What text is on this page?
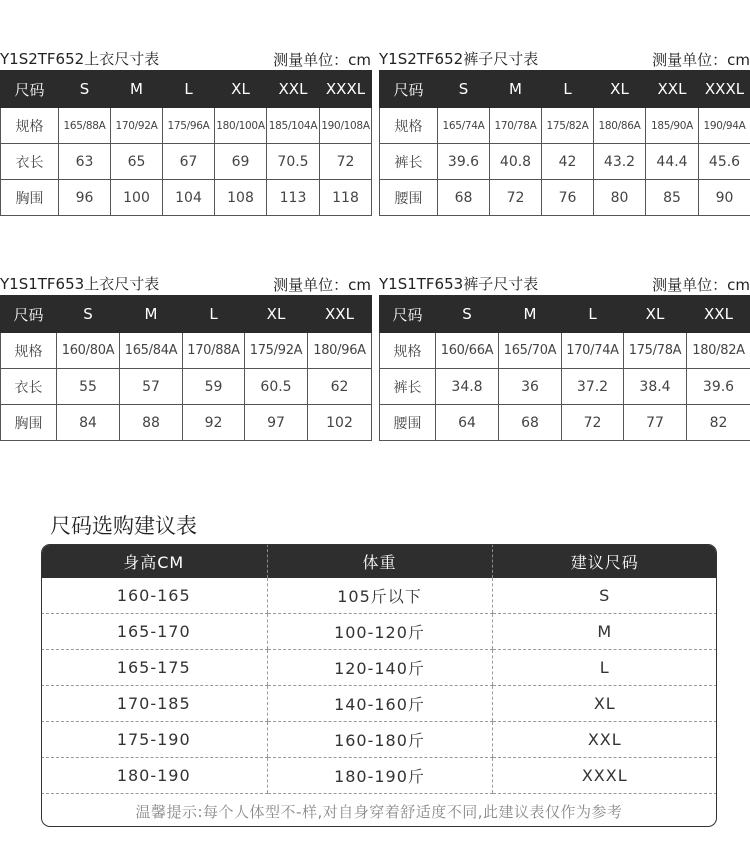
Y1S2TF652上衣尺寸表	测量单位：cm
尺码	S	M	L	XL	XXL	XXXL
规格	165/88A	170/92A	175/96A	180/100A	185/104A	190/108A
衣长	63	65	67	69	70.5	72
胸围	96	100	104	108	113	118
Y1S2TF652裤子尺寸表	测量单位：cm
尺码	S	M	L	XL	XXL	XXXL
规格	165/74A	170/78A	175/82A	180/86A	185/90A	190/94A
裤长	39.6	40.8	42	43.2	44.4	45.6
腰围	68	72	76	80	85	90
Y1S1TF653上衣尺寸表	测量单位：cm
尺码	S	M	L	XL	XXL
规格	160/80A	165/84A	170/88A	175/92A	180/96A
衣长	55	57	59	60.5	62
胸围	84	88	92	97	102
Y1S1TF653裤子尺寸表	测量单位：cm
尺码	S	M	L	XL	XXL
规格	160/66A	165/70A	170/74A	175/78A	180/82A
裤长	34.8	36	37.2	38.4	39.6
腰围	64	68	72	77	82
尺码选购建议表
身高CM	体重	建议尺码
160-165	105斤以下	S
165-170	100-120斤	M
165-175	120-140斤	L
170-185	140-160斤	XL
175-190	160-180斤	XXL
180-190	180-190斤	XXXL
温馨提示:每个人体型不-样,对自身穿着舒适度不同,此建议表仅作为参考
